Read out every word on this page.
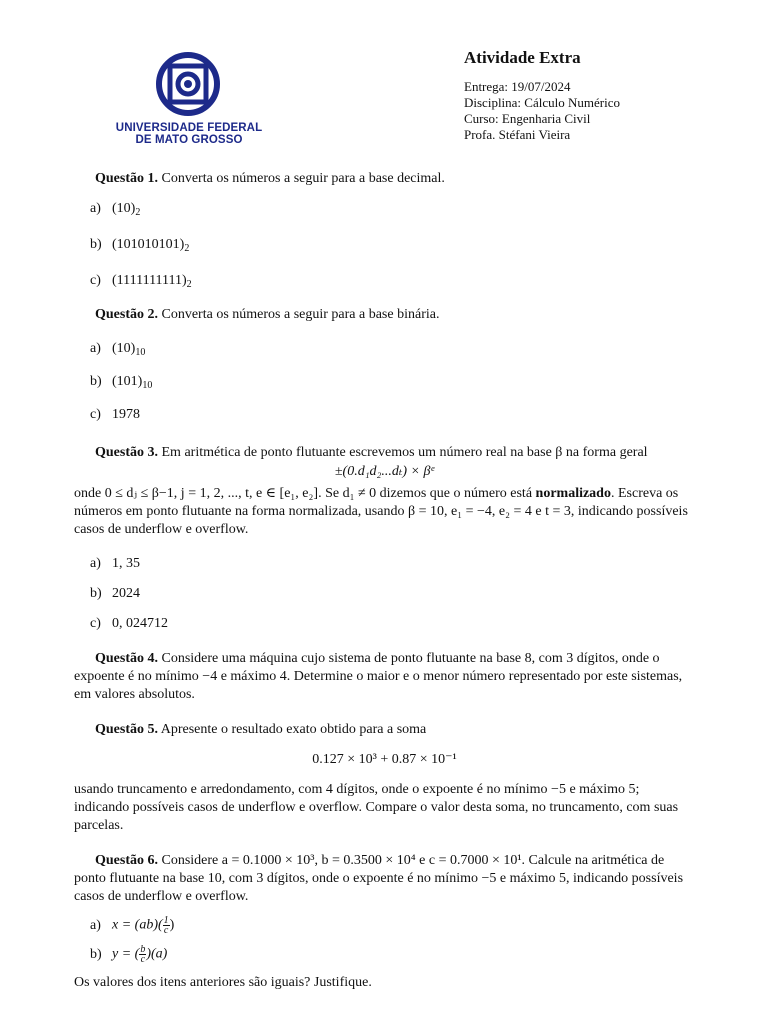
UNIVERSIDADE FEDERAL
DE MATO GROSSO
Atividade Extra
Entrega: 19/07/2024
Disciplina: Cálculo Numérico
Curso: Engenharia Civil
Profa. Stéfani Vieira

Questão 1. Converta os números a seguir para a base decimal.

a) $(10)_2$
b) $(101010101)_2$
c) $(1111111111)_2$

Questão 2. Converta os números a seguir para a base binária.

a) $(10)_{10}$
b) $(101)_{10}$
c) 1978

Questão 3. Em aritmética de ponto flutuante escrevemos um número real na base β na forma geral

±(0.d₁d₂...dₜ) × βᵉ

onde 0 ≤ dⱼ ≤ β−1, j = 1, 2, ..., t, e ∈ [e₁, e₂]. Se d₁ ≠ 0 dizemos que o número está normalizado. Escreva os números em ponto flutuante na forma normalizada, usando β = 10, e₁ = −4, e₂ = 4 e t = 3, indicando possíveis casos de underflow e overflow.

a) 1, 35
b) 2024
c) 0, 024712

Questão 4. Considere uma máquina cujo sistema de ponto flutuante na base 8, com 3 dígitos, onde o expoente é no mínimo −4 e máximo 4. Determine o maior e o menor número representado por este sistemas, em valores absolutos.

Questão 5. Apresente o resultado exato obtido para a soma

0.127 × 10³ + 0.87 × 10⁻¹

usando truncamento e arredondamento, com 4 dígitos, onde o expoente é no mínimo −5 e máximo 5; indicando possíveis casos de underflow e overflow. Compare o valor desta soma, no truncamento, com suas parcelas.

Questão 6. Considere a = 0.1000 × 10³, b = 0.3500 × 10⁴ e c = 0.7000 × 10¹. Calcule na aritmética de ponto flutuante na base 10, com 3 dígitos, onde o expoente é no mínimo −5 e máximo 5, indicando possíveis casos de underflow e overflow.

a) $x = (ab)( \frac{1}{c}$ )
b) y = ( $\frac{b}{c} )(a)$

Os valores dos itens anteriores são iguais? Justifique.
